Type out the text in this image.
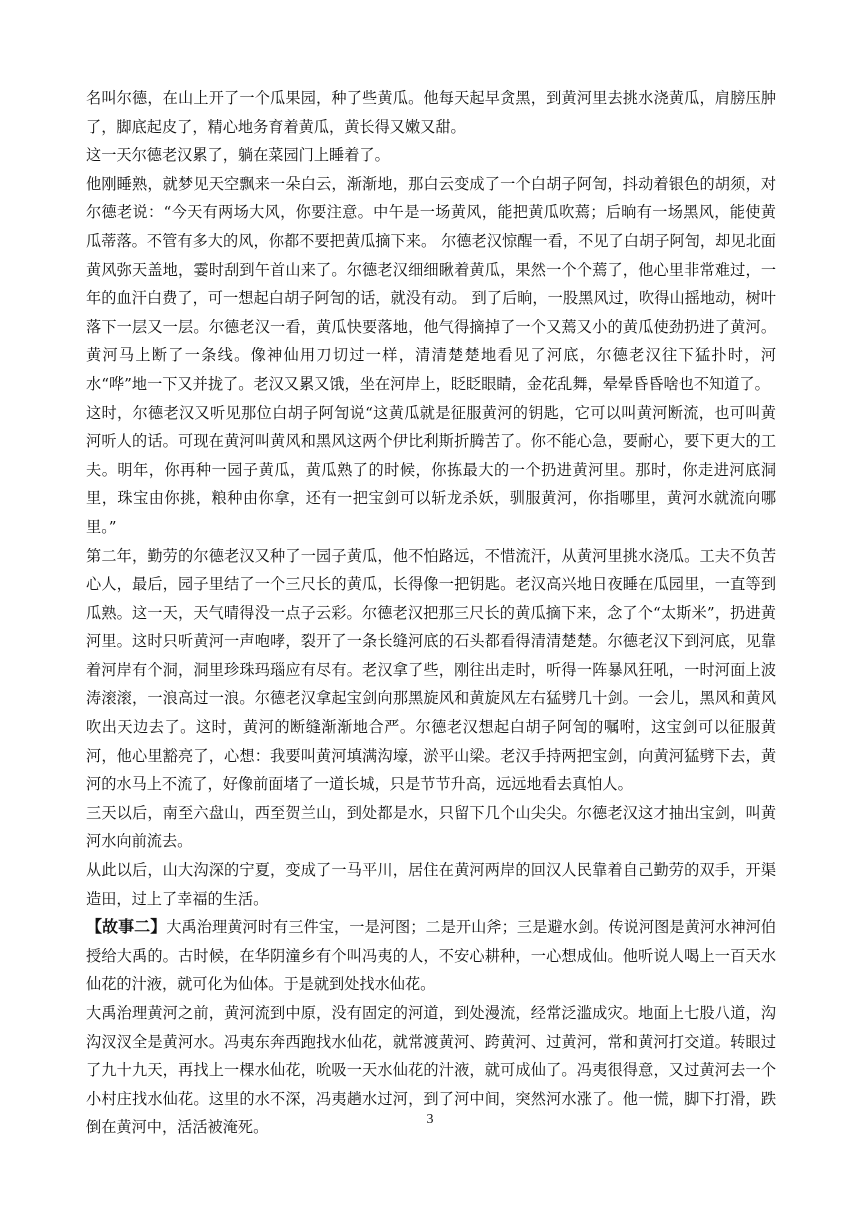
名叫尔德，在山上开了一个瓜果园，种了些黄瓜。他每天起早贪黑，到黄河里去挑水浇黄瓜，肩膀压肿了，脚底起皮了，精心地务育着黄瓜，黄长得又嫩又甜。

这一天尔德老汉累了，躺在菜园门上睡着了。

他刚睡熟，就梦见天空飘来一朵白云，渐渐地，那白云变成了一个白胡子阿訇，抖动着银色的胡须，对尔德老说：“今天有两场大风，你要注意。中午是一场黄风，能把黄瓜吹蔫；后晌有一场黑风，能使黄瓜蒂落。不管有多大的风，你都不要把黄瓜摘下来。 尔德老汉惊醒一看，不见了白胡子阿訇，却见北面黄风弥天盖地，霎时刮到午首山来了。尔德老汉细细瞅着黄瓜，果然一个个蔫了，他心里非常难过，一年的血汗白费了，可一想起白胡子阿訇的话，就没有动。 到了后晌，一股黑风过，吹得山摇地动，树叶落下一层又一层。尔德老汉一看，黄瓜快要落地，他气得摘掉了一个又蔫又小的黄瓜使劲扔进了黄河。黄河马上断了一条线。像神仙用刀切过一样，清清楚楚地看见了河底，尔德老汉往下猛扑时，河水“哗”地一下又并拢了。老汉又累又饿，坐在河岸上，眨眨眼睛，金花乱舞，晕晕昏昏啥也不知道了。

这时，尔德老汉又听见那位白胡子阿訇说“这黄瓜就是征服黄河的钥匙，它可以叫黄河断流，也可叫黄河听人的话。可现在黄河叫黄风和黑风这两个伊比利斯折腾苦了。你不能心急，要耐心，要下更大的工夫。明年，你再种一园子黄瓜，黄瓜熟了的时候，你拣最大的一个扔进黄河里。那时，你走进河底洞里，珠宝由你挑，粮种由你拿，还有一把宝剑可以斩龙杀妖，驯服黄河，你指哪里，黄河水就流向哪里。”

第二年，勤劳的尔德老汉又种了一园子黄瓜，他不怕路远，不惜流汗，从黄河里挑水浇瓜。工夫不负苦心人，最后，园子里结了一个三尺长的黄瓜，长得像一把钥匙。老汉高兴地日夜睡在瓜园里，一直等到瓜熟。这一天，天气晴得没一点子云彩。尔德老汉把那三尺长的黄瓜摘下来，念了个“太斯米”，扔进黄河里。这时只听黄河一声咆哮，裂开了一条长缝河底的石头都看得清清楚楚。尔德老汉下到河底，见靠着河岸有个洞，洞里珍珠玛瑙应有尽有。老汉拿了些，刚往出走时，听得一阵暴风狂吼，一时河面上波涛滚滚，一浪高过一浪。尔德老汉拿起宝剑向那黑旋风和黄旋风左右猛劈几十剑。一会儿，黑风和黄风吹出天边去了。这时，黄河的断缝渐渐地合严。尔德老汉想起白胡子阿訇的嘱咐，这宝剑可以征服黄河，他心里豁亮了，心想：我要叫黄河填满沟壕，淤平山梁。老汉手持两把宝剑，向黄河猛劈下去，黄河的水马上不流了，好像前面堵了一道长城，只是节节升高，远远地看去真怕人。

三天以后，南至六盘山，西至贺兰山，到处都是水，只留下几个山尖尖。尔德老汉这才抽出宝剑，叫黄河水向前流去。

从此以后，山大沟深的宁夏，变成了一马平川，居住在黄河两岸的回汉人民靠着自己勤劳的双手，开渠造田，过上了幸福的生活。

【故事二】大禹治理黄河时有三件宝，一是河图；二是开山斧；三是避水剑。传说河图是黄河水神河伯授给大禹的。古时候，在华阴潼乡有个叫冯夷的人，不安心耕种，一心想成仙。他听说人喝上一百天水仙花的汁液，就可化为仙体。于是就到处找水仙花。

大禹治理黄河之前，黄河流到中原，没有固定的河道，到处漫流，经常泛滥成灾。地面上七股八道，沟沟汊汊全是黄河水。冯夷东奔西跑找水仙花，就常渡黄河、跨黄河、过黄河，常和黄河打交道。转眼过了九十九天，再找上一棵水仙花，吮吸一天水仙花的汁液，就可成仙了。冯夷很得意，又过黄河去一个小村庄找水仙花。这里的水不深，冯夷趟水过河，到了河中间，突然河水涨了。他一慌，脚下打滑，跌倒在黄河中，活活被淹死。	3
